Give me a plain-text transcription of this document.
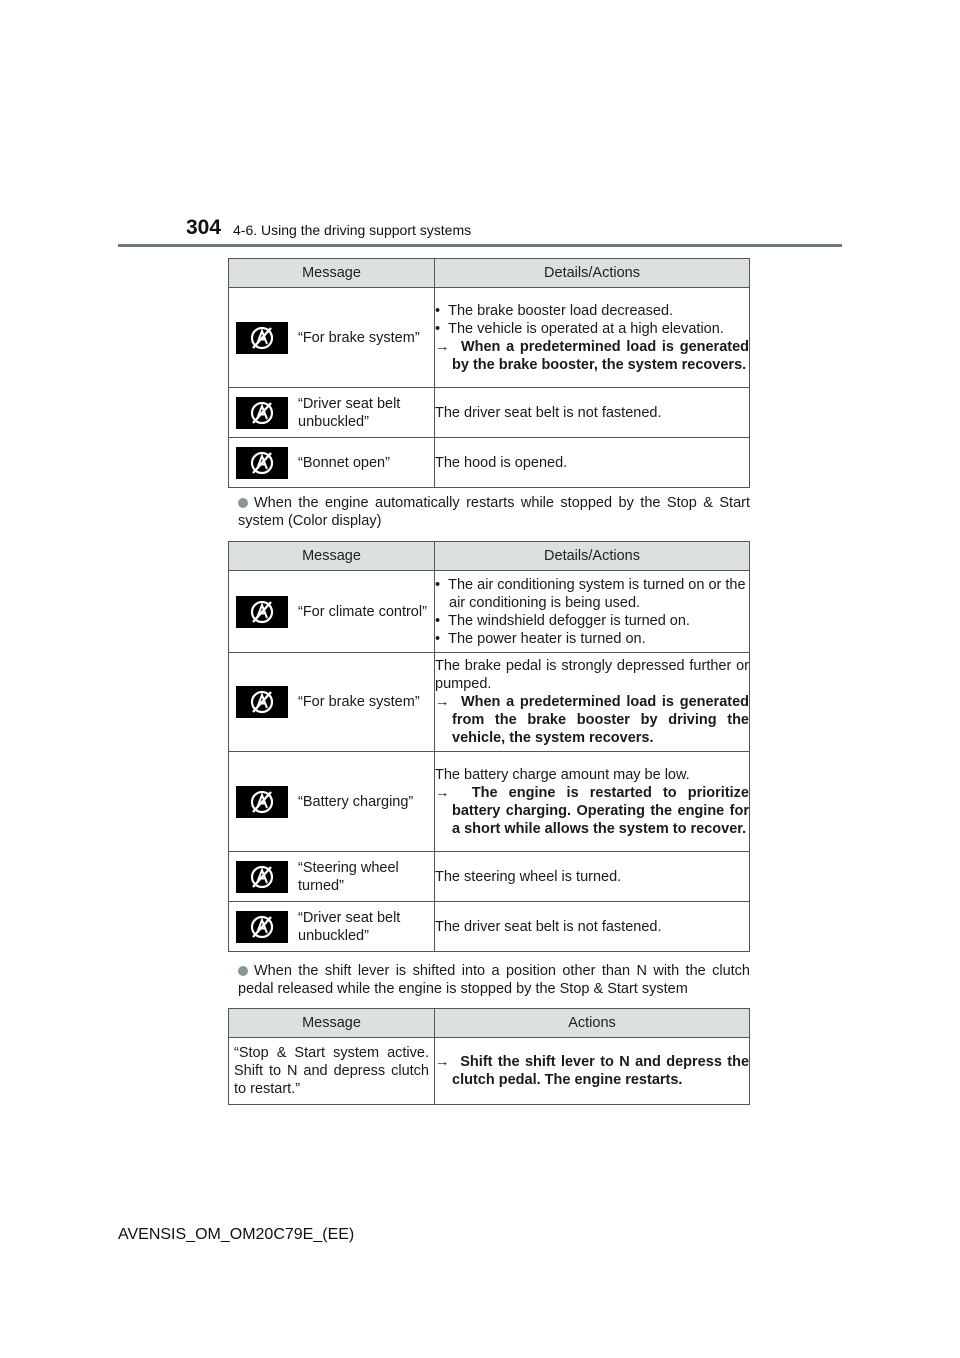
304 4-6. Using the driving support systems
Message	Details/Actions

“For brake system”	• The brake booster load decreased.

• The vehicle is operated at a high elevation.

→ When a predetermined load is generated by the brake booster, the system recovers.

“Driver seat belt unbuckled”	The driver seat belt is not fastened.

“Bonnet open”	The hood is opened.

When the engine automatically restarts while stopped by the Stop & Start system (Color display)
Message	Details/Actions

“For climate control”	• The air conditioning system is turned on or the air conditioning is being used.

• The windshield defogger is turned on.

• The power heater is turned on.

“For brake system”	The brake pedal is strongly depressed further or pumped.

→ When a predetermined load is generated from the brake booster by driving the vehicle, the system recovers.

“Battery charging”	The battery charge amount may be low.

→ The engine is restarted to prioritize battery charging. Operating the engine for a short while allows the system to recover.

“Steering wheel turned”	The steering wheel is turned.

“Driver seat belt unbuckled”	The driver seat belt is not fastened.

When the shift lever is shifted into a position other than N with the clutch pedal released while the engine is stopped by the Stop & Start system
Message	Actions

“Stop & Start system active. Shift to N and depress clutch to restart.”	→ Shift the shift lever to N and depress the clutch pedal. The engine restarts.

AVENSIS_OM_OM20C79E_(EE)
